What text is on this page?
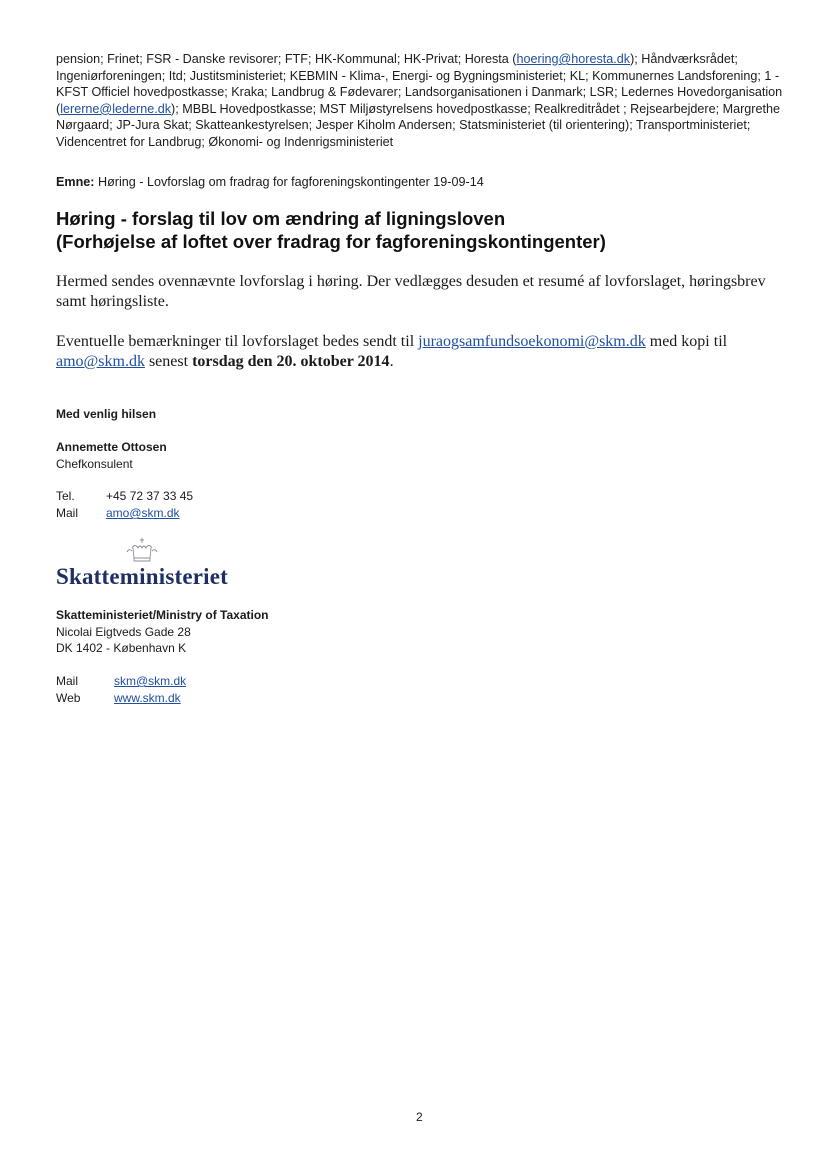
pension; Frinet; FSR - Danske revisorer; FTF; HK-Kommunal; HK-Privat; Horesta (hoering@horesta.dk); Håndværksrådet; Ingeniørforeningen; Itd; Justitsministeriet; KEBMIN - Klima-, Energi- og Bygningsministeriet; KL; Kommunernes Landsforening; 1 - KFST Officiel hovedpostkasse; Kraka; Landbrug & Fødevarer; Landsorganisationen i Danmark; LSR; Ledernes Hovedorganisation (lererne@lederne.dk); MBBL Hovedpostkasse; MST Miljøstyrelsens hovedpostkasse; Realkreditrådet ; Rejsearbejdere; Margrethe Nørgaard; JP-Jura Skat; Skatteankestyrelsen; Jesper Kiholm Andersen; Statsministeriet (til orientering); Transportministeriet; Videncentret for Landbrug; Økonomi- og Indenrigsministeriet
Emne: Høring - Lovforslag om fradrag for fagforeningskontingenter 19-09-14
Høring - forslag til lov om ændring af ligningsloven
(Forhøjelse af loftet over fradrag for fagforeningskontingenter)
Hermed sendes ovennævnte lovforslag i høring. Der vedlægges desuden et resumé af lovforslaget, høringsbrev samt høringsliste.
Eventuelle bemærkninger til lovforslaget bedes sendt til juraogsamfundsoekonomi@skm.dk med kopi til amo@skm.dk senest torsdag den 20. oktober 2014.
Med venlig hilsen
Annemette Ottosen
Chefkonsulent
Tel.	+45 72 37 33 45
Mail amo@skm.dk
Skatteministeriet
Skatteministeriet/Ministry of Taxation
Nicolai Eigtveds Gade 28
DK 1402 - København K
Mail	skm@skm.dk
Web	www.skm.dk
2
